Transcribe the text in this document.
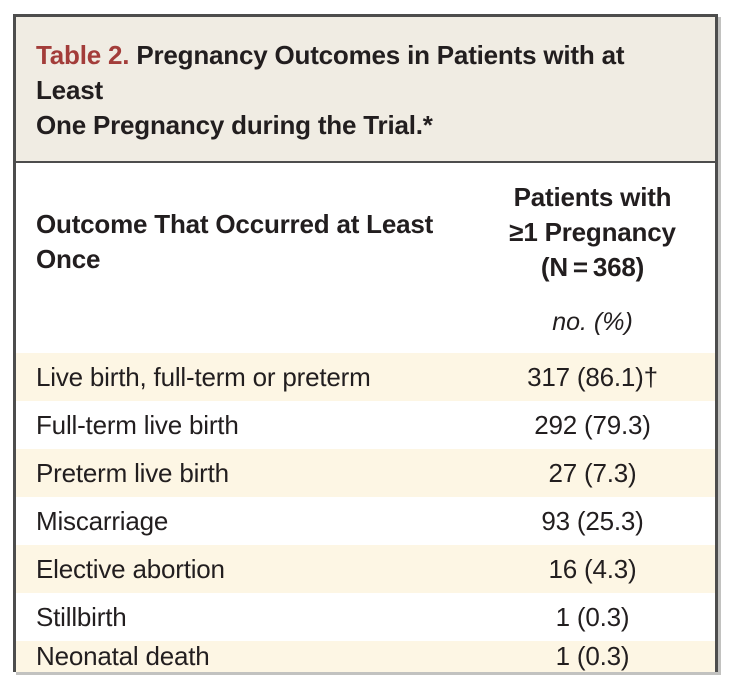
Table 2. Pregnancy Outcomes in Patients with at Least
One Pregnancy during the Trial.*
Outcome That Occurred at Least Once
Patients with
≥1 Pregnancy
(N = 368)
no. (%)
Live birth, full-term or preterm	317 (86.1)†
Full-term live birth	292 (79.3)
Preterm live birth	27 (7.3)
Miscarriage	93 (25.3)
Elective abortion	16 (4.3)
Stillbirth	1 (0.3)
Neonatal death	1 (0.3)
